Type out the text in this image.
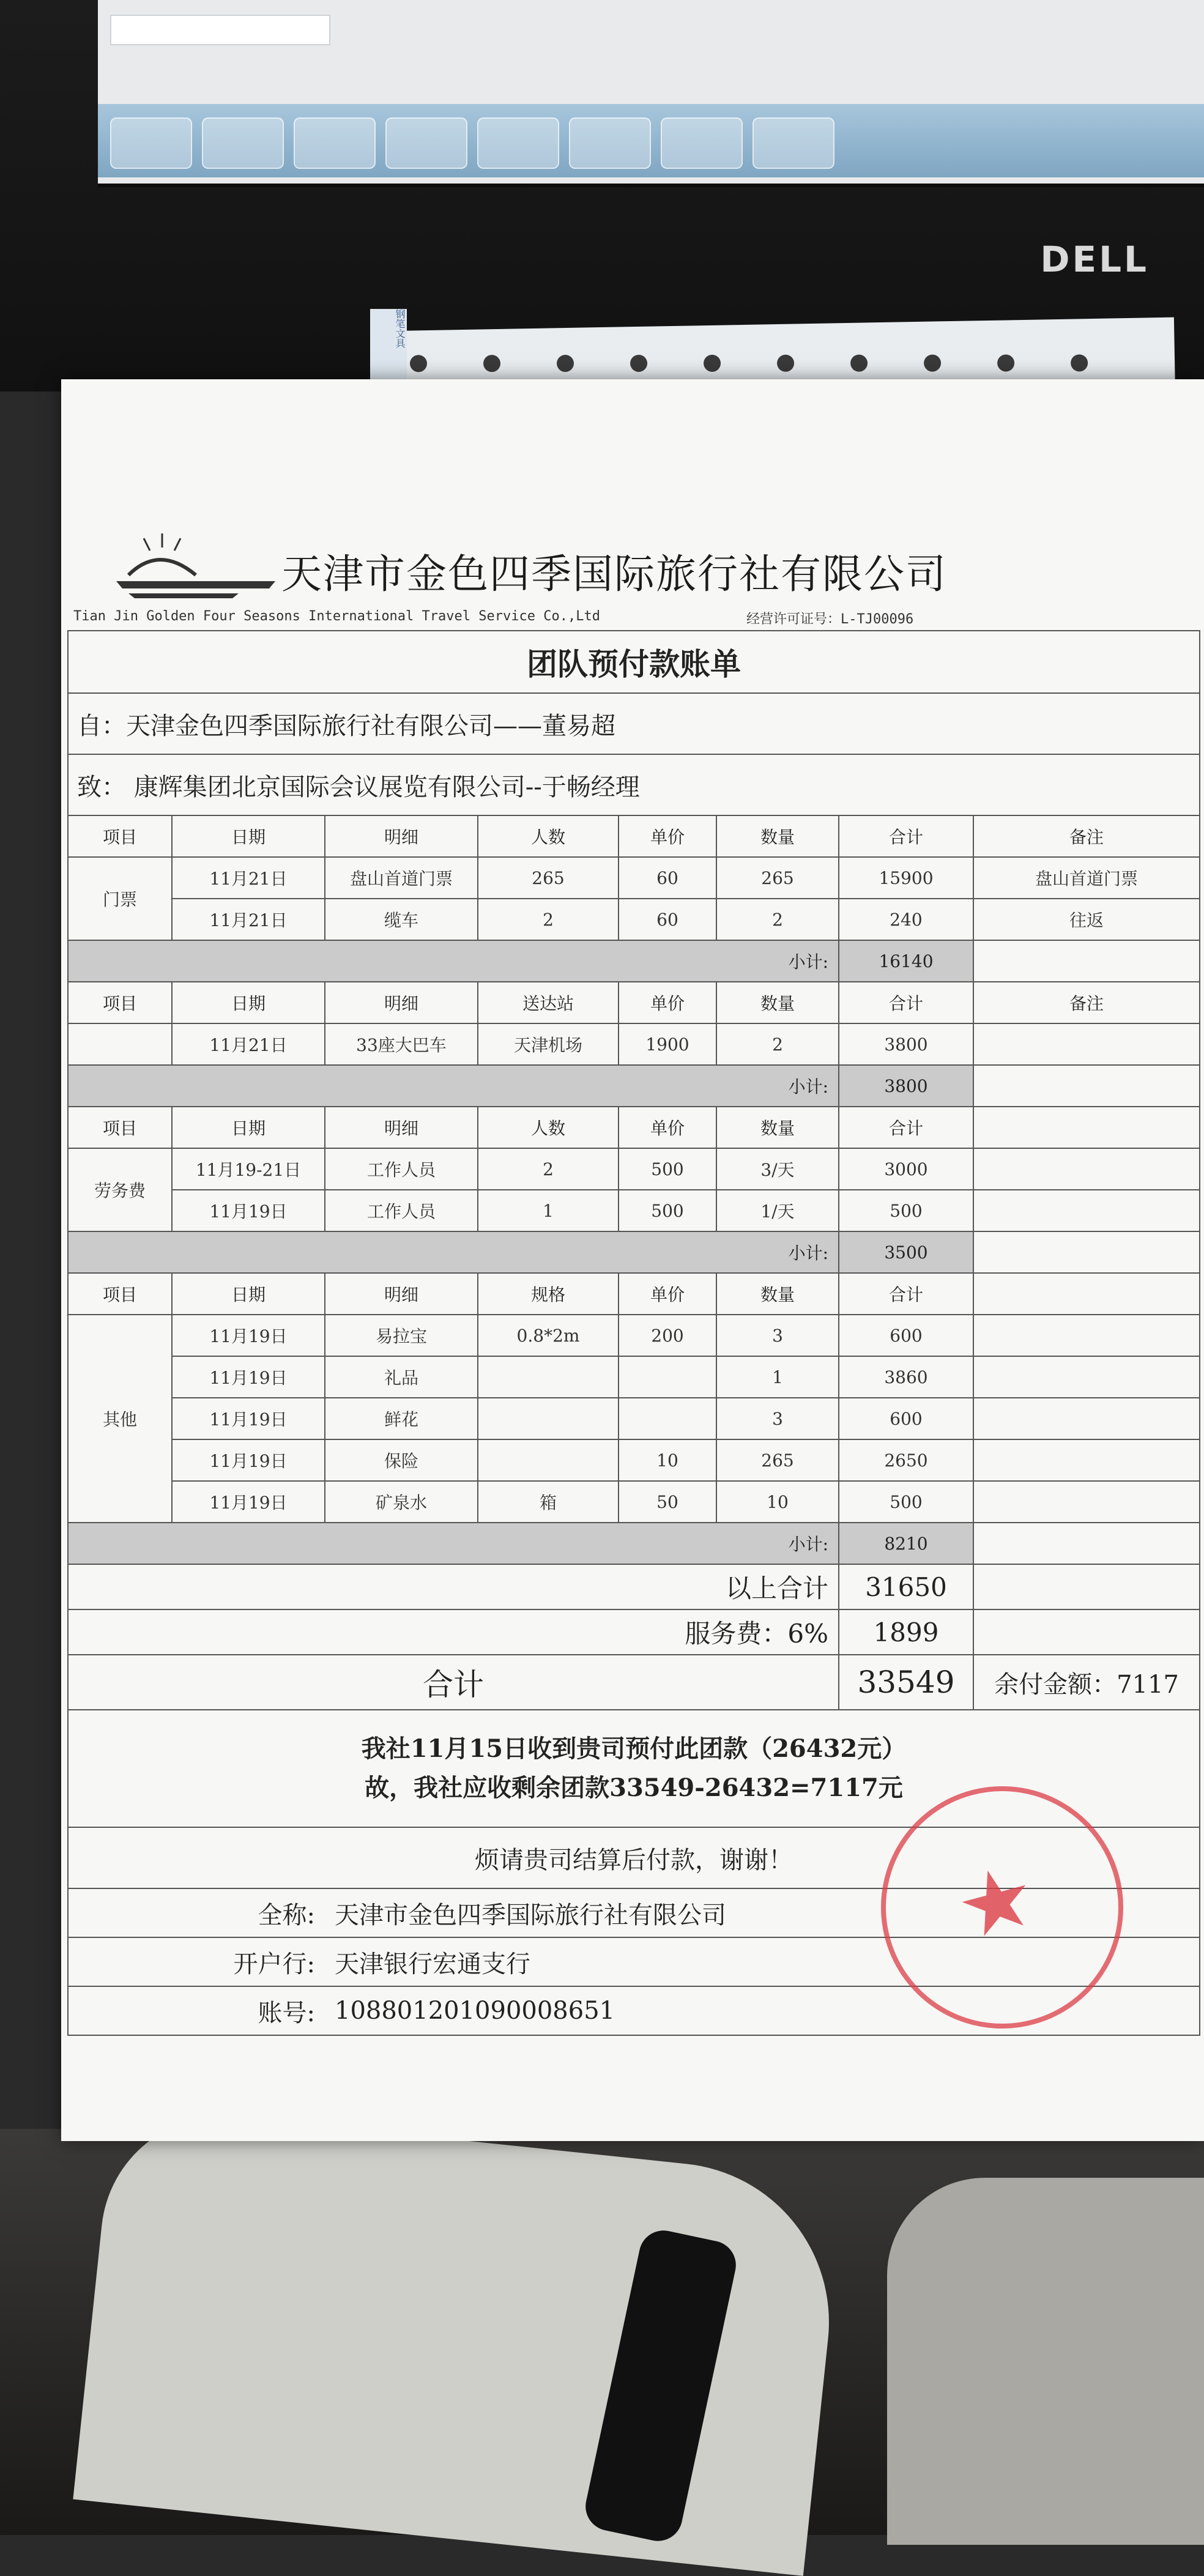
DELL
钢笔文具
天津市金色四季国际旅行社有限公司
Tian Jin Golden Four Seasons International Travel Service Co.,Ltd	经营许可证号：L-TJ00096
团队预付款账单							
自：天津金色四季国际旅行社有限公司——董易超							
致： 康辉集团北京国际会议展览有限公司--于畅经理							
项目	日期	明细	人数	单价	数量	合计	备注
门票	11月21日	盘山首道门票	265	60	265	15900	盘山首道门票
	11月21日	缆车	2	60	2	240	往返
小计:						16140	
项目	日期	明细	送达站	单价	数量	合计	备注
	11月21日	33座大巴车	天津机场	1900	2	3800	
小计:						3800	
项目	日期	明细	人数	单价	数量	合计	
劳务费	11月19-21日	工作人员	2	500	3/天	3000	
	11月19日	工作人员	1	500	1/天	500	
小计:						3500	
项目	日期	明细	规格	单价	数量	合计	
其他	11月19日	易拉宝	0.8*2m	200	3	600	
	11月19日	礼品			1	3860	
	11月19日	鲜花			3	600	
	11月19日	保险		10	265	2650	
	11月19日	矿泉水	箱	50	10	500	
小计:						8210	
以上合计						31650	
服务费：6%						1899	
合计						33549	余付金额：7117

我社11月15日收到贵司预付此团款（26432元）
故，我社应收剩余团款33549-26432=7117元							

烦请贵司结算后付款，谢谢！							
全称:		天津市金色四季国际旅行社有限公司					
开户行:		天津银行宏通支行					
账号:		108801201090008651					
★
